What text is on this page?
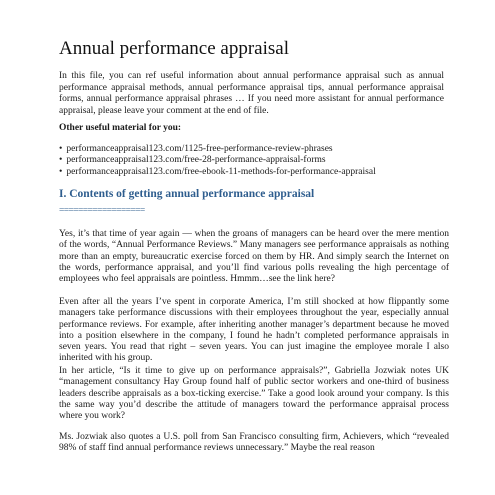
Annual performance appraisal
In this file, you can ref useful information about annual performance appraisal such as annual performance appraisal methods, annual performance appraisal tips, annual performance appraisal forms, annual performance appraisal phrases … If you need more assistant for annual performance appraisal, please leave your comment at the end of file.
Other useful material for you:
• performanceappraisal123.com/1125-free-performance-review-phrases
• performanceappraisal123.com/free-28-performance-appraisal-forms
• performanceappraisal123.com/free-ebook-11-methods-for-performance-appraisal
I. Contents of getting annual performance appraisal
==================
Yes, it’s that time of year again — when the groans of managers can be heard over the mere mention of the words, “Annual Performance Reviews.” Many managers see performance appraisals as nothing more than an empty, bureaucratic exercise forced on them by HR. And simply search the Internet on the words, performance appraisal, and you’ll find various polls revealing the high percentage of employees who feel appraisals are pointless. Hmmm…see the link here?
Even after all the years I’ve spent in corporate America, I’m still shocked at how flippantly some managers take performance discussions with their employees throughout the year, especially annual performance reviews. For example, after inheriting another manager’s department because he moved into a position elsewhere in the company, I found he hadn’t completed performance appraisals in seven years. You read that right – seven years. You can just imagine the employee morale I also inherited with his group.
In her article, “Is it time to give up on performance appraisals?”, Gabriella Jozwiak notes UK “management consultancy Hay Group found half of public sector workers and one-third of business leaders describe appraisals as a box-ticking exercise.” Take a good look around your company. Is this the same way you’d describe the attitude of managers toward the performance appraisal process where you work?
Ms. Jozwiak also quotes a U.S. poll from San Francisco consulting firm, Achievers, which “revealed 98% of staff find annual performance reviews unnecessary.” Maybe the real reason
